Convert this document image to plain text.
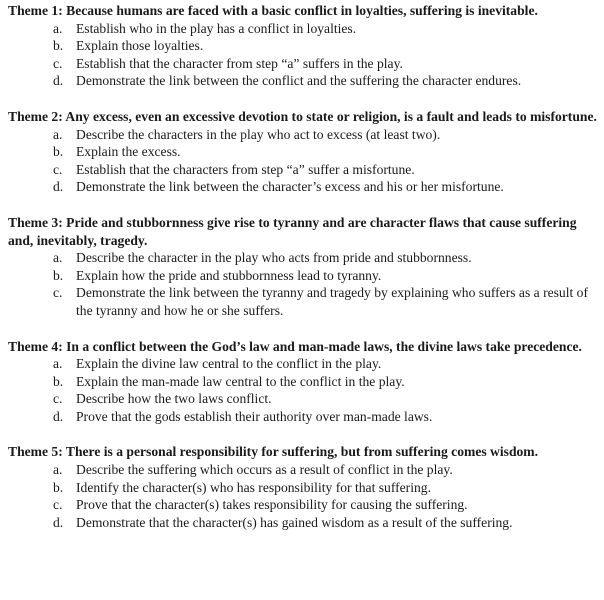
Theme 1: Because humans are faced with a basic conflict in loyalties, suffering is inevitable.
a. Establish who in the play has a conflict in loyalties.
b. Explain those loyalties.
c. Establish that the character from step “a” suffers in the play.
d. Demonstrate the link between the conflict and the suffering the character endures.
Theme 2: Any excess, even an excessive devotion to state or religion, is a fault and leads to misfortune.
a. Describe the characters in the play who act to excess (at least two).
b. Explain the excess.
c. Establish that the characters from step “a” suffer a misfortune.
d. Demonstrate the link between the character’s excess and his or her misfortune.
Theme 3: Pride and stubbornness give rise to tyranny and are character flaws that cause suffering and, inevitably, tragedy.
a. Describe the character in the play who acts from pride and stubbornness.
b. Explain how the pride and stubbornness lead to tyranny.
c. Demonstrate the link between the tyranny and tragedy by explaining who suffers as a result of the tyranny and how he or she suffers.
Theme 4: In a conflict between the God’s law and man-made laws, the divine laws take precedence.
a. Explain the divine law central to the conflict in the play.
b. Explain the man-made law central to the conflict in the play.
c. Describe how the two laws conflict.
d. Prove that the gods establish their authority over man-made laws.
Theme 5: There is a personal responsibility for suffering, but from suffering comes wisdom.
a. Describe the suffering which occurs as a result of conflict in the play.
b. Identify the character(s) who has responsibility for that suffering.
c. Prove that the character(s) takes responsibility for causing the suffering.
d. Demonstrate that the character(s) has gained wisdom as a result of the suffering.
